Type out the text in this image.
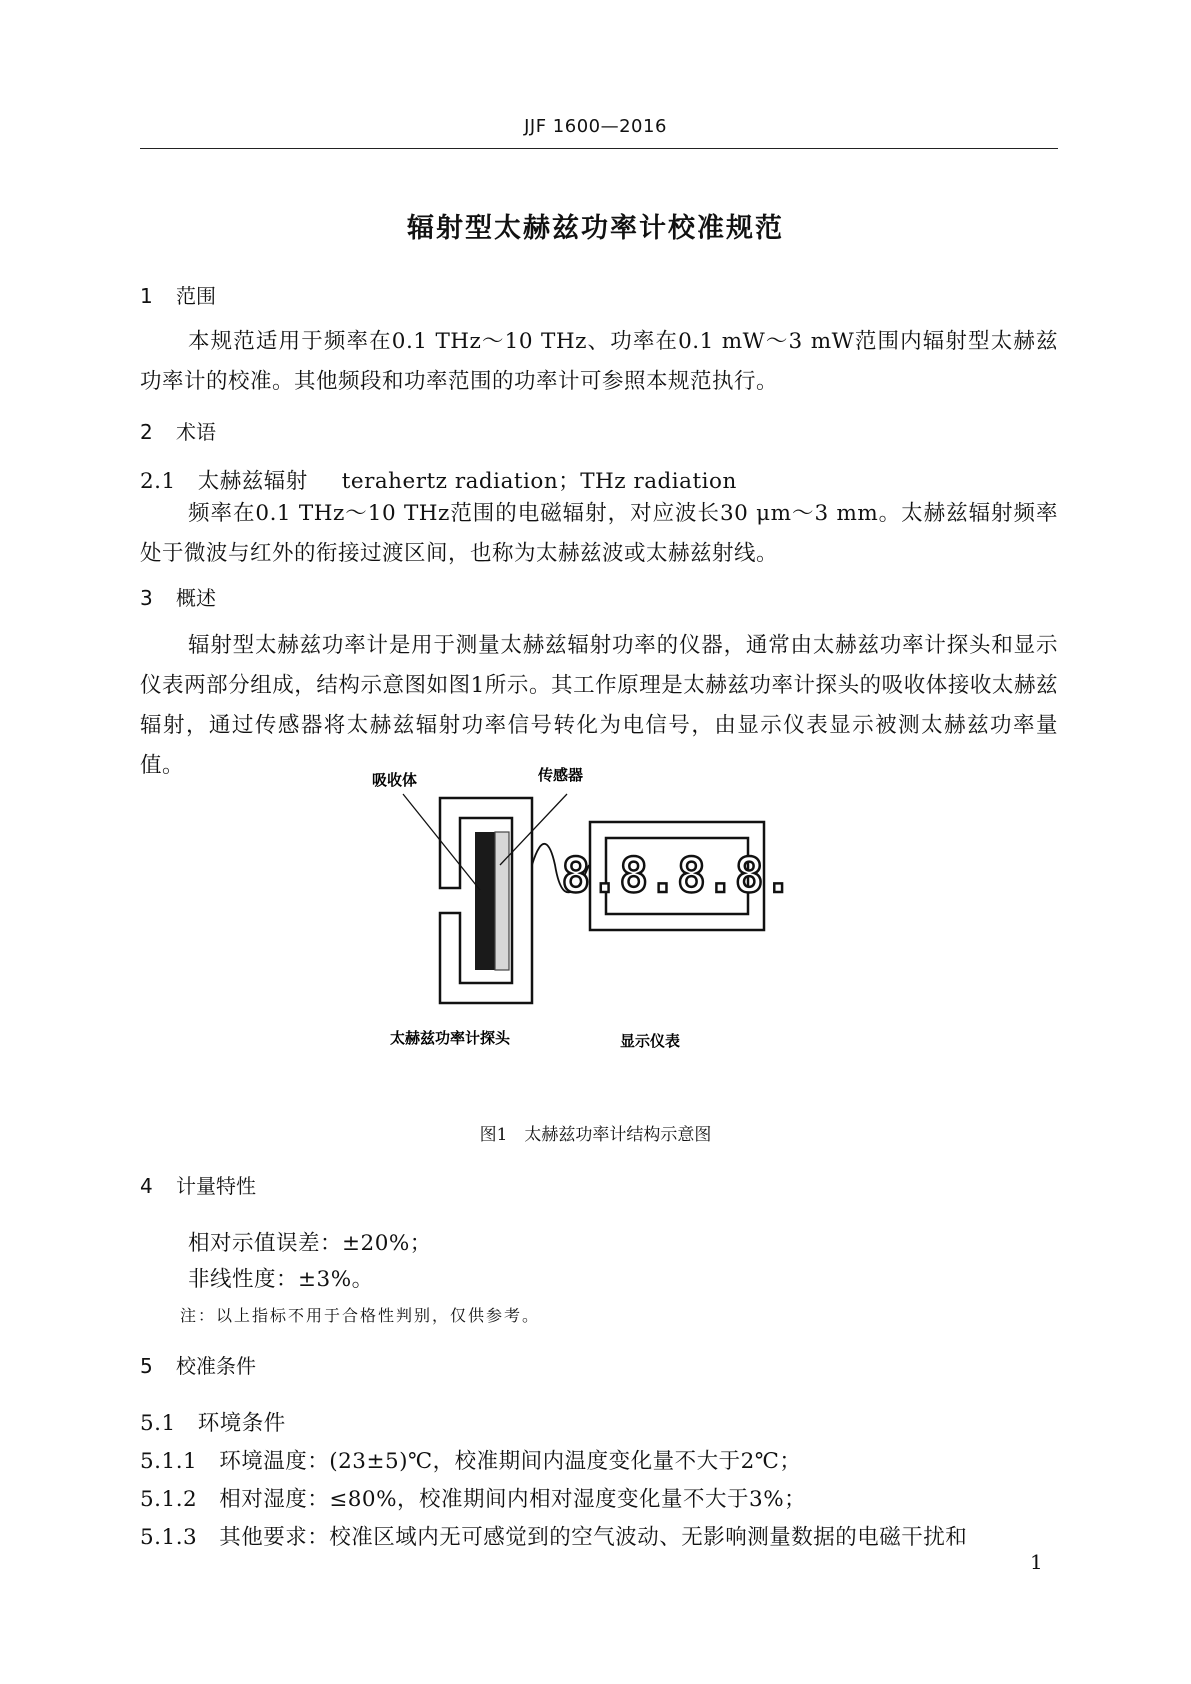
JJF 1600—2016
辐射型太赫兹功率计校准规范
1 范围
本规范适用于频率在0.1 THz～10 THz、功率在0.1 mW～3 mW范围内辐射型太赫兹功率计的校准。其他频段和功率范围的功率计可参照本规范执行。
2 术语
2.1 太赫兹辐射 terahertz radiation；THz radiation
频率在0.1 THz～10 THz范围的电磁辐射，对应波长30 μm～3 mm。太赫兹辐射频率处于微波与红外的衔接过渡区间，也称为太赫兹波或太赫兹射线。
3 概述
辐射型太赫兹功率计是用于测量太赫兹辐射功率的仪器，通常由太赫兹功率计探头和显示仪表两部分组成，结构示意图如图1所示。其工作原理是太赫兹功率计探头的吸收体接收太赫兹辐射，通过传感器将太赫兹辐射功率信号转化为电信号，由显示仪表显示被测太赫兹功率量值。
8.8.8.8.
吸收体	传感器
太赫兹功率计探头	显示仪表
图1　太赫兹功率计结构示意图
4 计量特性
相对示值误差：±20%；
非线性度：±3%。
注：以上指标不用于合格性判别，仅供参考。
5 校准条件
5.1　环境条件
5.1.1　环境温度：(23±5)℃，校准期间内温度变化量不大于2℃；
5.1.2　相对湿度：≤80%，校准期间内相对湿度变化量不大于3%；
5.1.3　其他要求：校准区域内无可感觉到的空气波动、无影响测量数据的电磁干扰和
1
